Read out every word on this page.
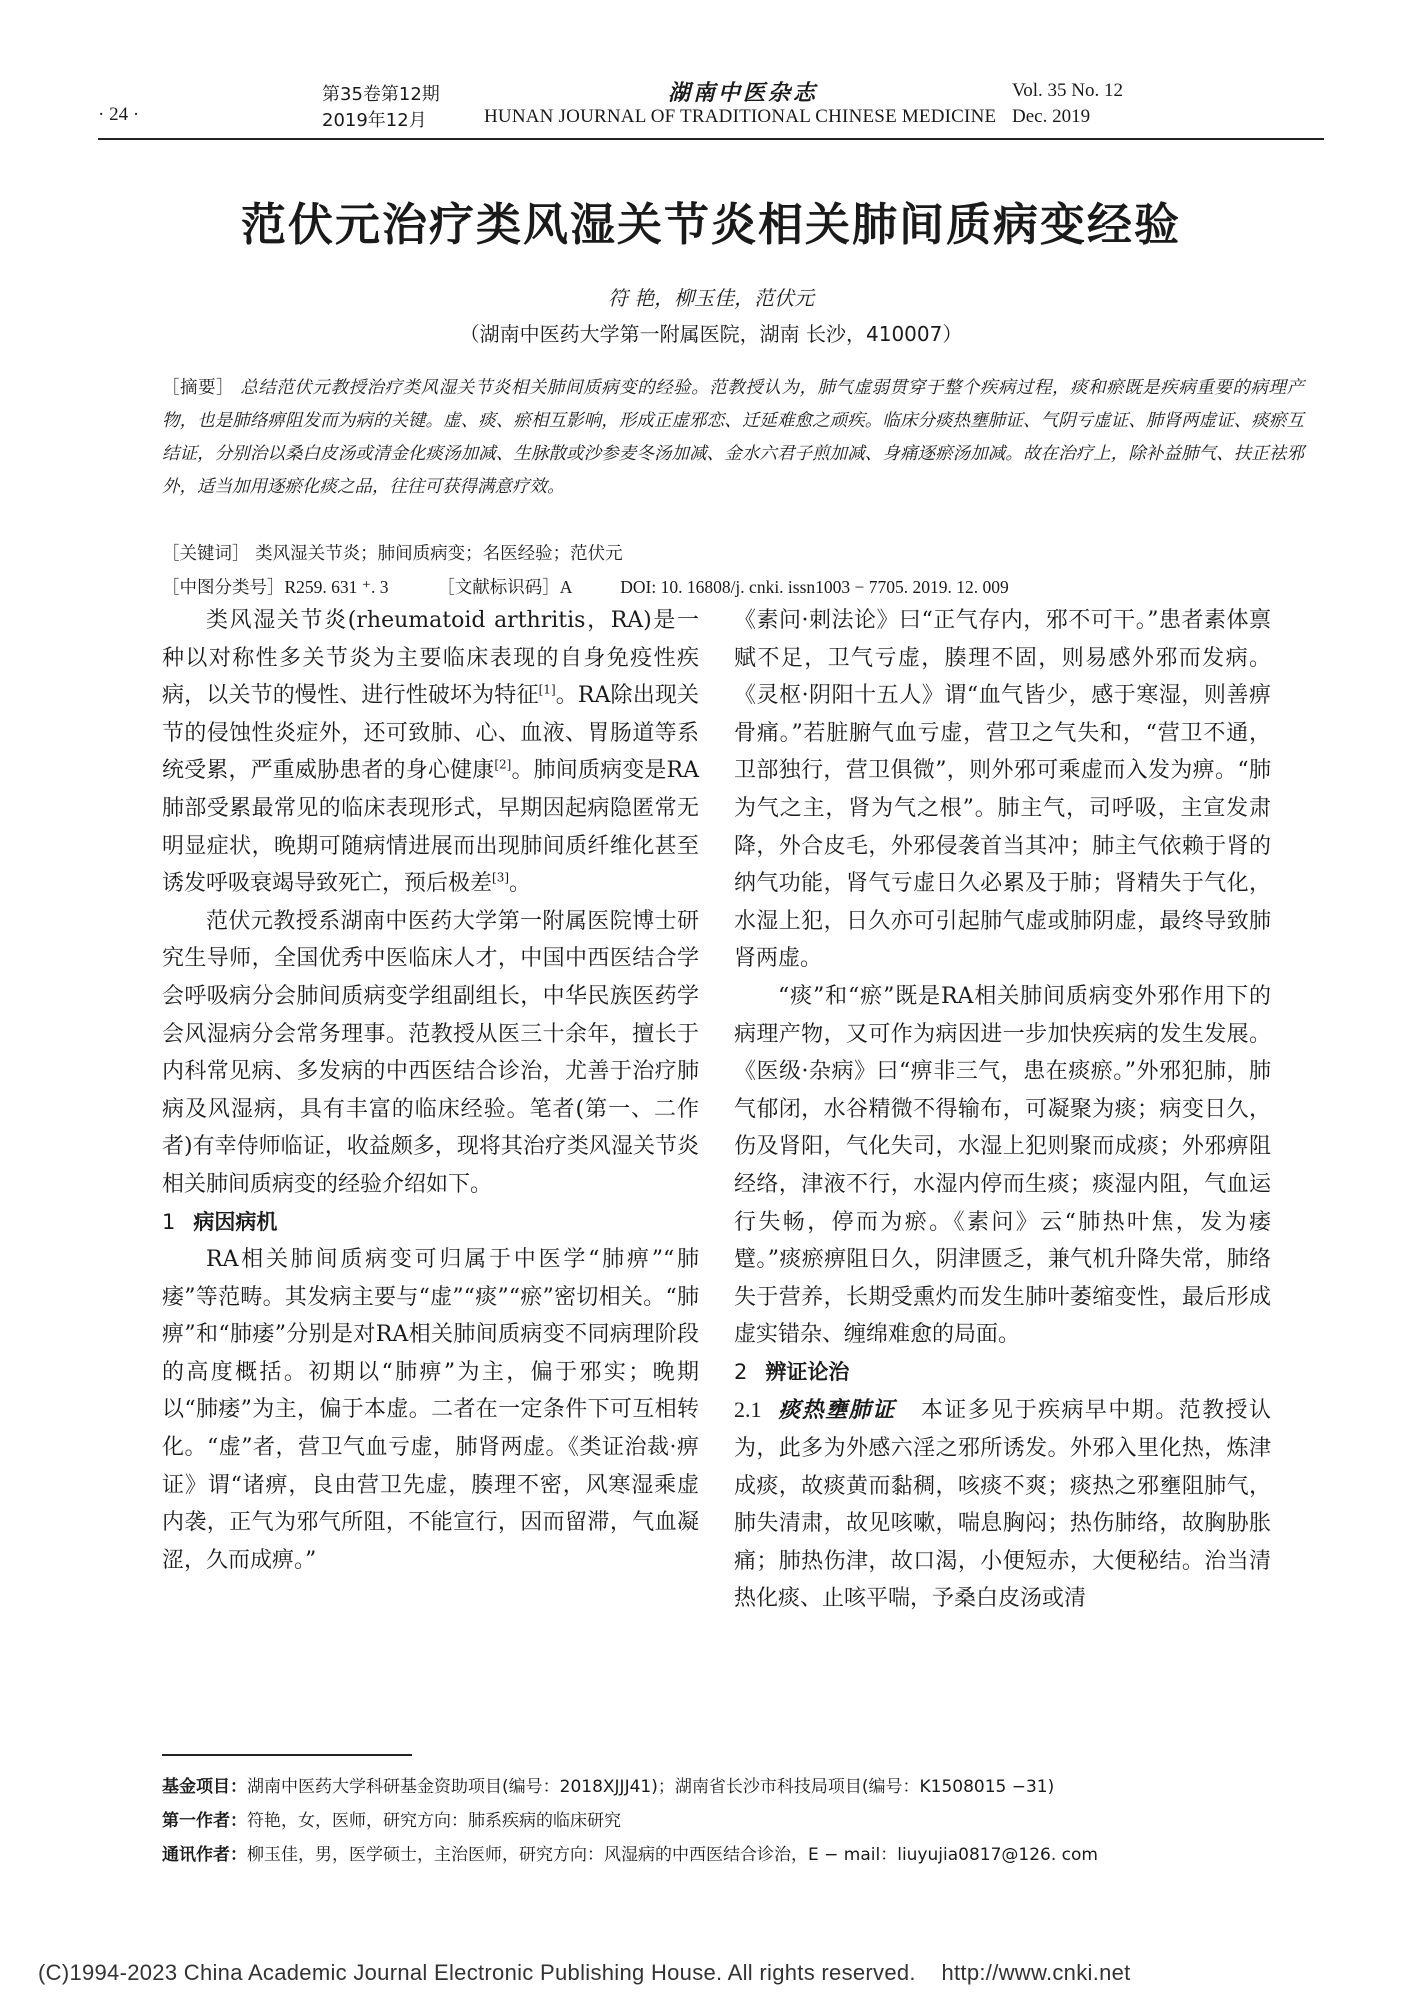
· 24 ·
第35卷第12期
2019年12月
湖南中医杂志
HUNAN JOURNAL OF TRADITIONAL CHINESE MEDICINE
Vol. 35 No. 12
Dec. 2019
范伏元治疗类风湿关节炎相关肺间质病变经验
符 艳，柳玉佳，范伏元
（湖南中医药大学第一附属医院，湖南 长沙，410007）
［摘要］ 总结范伏元教授治疗类风湿关节炎相关肺间质病变的经验。范教授认为，肺气虚弱贯穿于整个疾病过程，痰和瘀既是疾病重要的病理产物，也是肺络痹阻发而为病的关键。虚、痰、瘀相互影响，形成正虚邪恋、迁延难愈之顽疾。临床分痰热壅肺证、气阴亏虚证、肺肾两虚证、痰瘀互结证，分别治以桑白皮汤或清金化痰汤加减、生脉散或沙参麦冬汤加减、金水六君子煎加减、身痛逐瘀汤加减。故在治疗上，除补益肺气、扶正祛邪外，适当加用逐瘀化痰之品，往往可获得满意疗效。
［关键词］ 类风湿关节炎；肺间质病变；名医经验；范伏元
［中图分类号］R259. 631 ⁺. 3	［文献标识码］A	DOI: 10. 16808/j. cnki. issn1003 − 7705. 2019. 12. 009

类风湿关节炎(rheumatoid arthritis，RA)是一种以对称性多关节炎为主要临床表现的自身免疫性疾病，以关节的慢性、进行性破坏为特征[1]。RA除出现关节的侵蚀性炎症外，还可致肺、心、血液、胃肠道等系统受累，严重威胁患者的身心健康[2]。肺间质病变是RA肺部受累最常见的临床表现形式，早期因起病隐匿常无明显症状，晚期可随病情进展而出现肺间质纤维化甚至诱发呼吸衰竭导致死亡，预后极差[3]。

范伏元教授系湖南中医药大学第一附属医院博士研究生导师，全国优秀中医临床人才，中国中西医结合学会呼吸病分会肺间质病变学组副组长，中华民族医药学会风湿病分会常务理事。范教授从医三十余年，擅长于内科常见病、多发病的中西医结合诊治，尤善于治疗肺病及风湿病，具有丰富的临床经验。笔者(第一、二作者)有幸侍师临证，收益颇多，现将其治疗类风湿关节炎相关肺间质病变的经验介绍如下。

1 病因病机

RA相关肺间质病变可归属于中医学“肺痹”“肺痿”等范畴。其发病主要与“虚”“痰”“瘀”密切相关。“肺痹”和“肺痿”分别是对RA相关肺间质病变不同病理阶段的高度概括。初期以“肺痹”为主，偏于邪实；晚期以“肺痿”为主，偏于本虚。二者在一定条件下可互相转化。“虚”者，营卫气血亏虚，肺肾两虚。《类证治裁·痹证》谓“诸痹，良由营卫先虚，腠理不密，风寒湿乘虚内袭，正气为邪气所阻，不能宣行，因而留滞，气血凝涩，久而成痹。”

《素问·刺法论》曰“正气存内，邪不可干。”患者素体禀赋不足，卫气亏虚，腠理不固，则易感外邪而发病。《灵枢·阴阳十五人》谓“血气皆少，感于寒湿，则善痹骨痛。”若脏腑气血亏虚，营卫之气失和，“营卫不通，卫部独行，营卫俱微”，则外邪可乘虚而入发为痹。“肺为气之主，肾为气之根”。肺主气，司呼吸，主宣发肃降，外合皮毛，外邪侵袭首当其冲；肺主气依赖于肾的纳气功能，肾气亏虚日久必累及于肺；肾精失于气化，水湿上犯，日久亦可引起肺气虚或肺阴虚，最终导致肺肾两虚。

“痰”和“瘀”既是RA相关肺间质病变外邪作用下的病理产物，又可作为病因进一步加快疾病的发生发展。《医级·杂病》曰“痹非三气，患在痰瘀。”外邪犯肺，肺气郁闭，水谷精微不得输布，可凝聚为痰；病变日久，伤及肾阳，气化失司，水湿上犯则聚而成痰；外邪痹阻经络，津液不行，水湿内停而生痰；痰湿内阻，气血运行失畅，停而为瘀。《素问》云“肺热叶焦，发为痿躄。”痰瘀痹阻日久，阴津匮乏，兼气机升降失常，肺络失于营养，长期受熏灼而发生肺叶萎缩变性，最后形成虚实错杂、缠绵难愈的局面。

2 辨证论治

2.1 痰热壅肺证 本证多见于疾病早中期。范教授认为，此多为外感六淫之邪所诱发。外邪入里化热，炼津成痰，故痰黄而黏稠，咳痰不爽；痰热之邪壅阻肺气，肺失清肃，故见咳嗽，喘息胸闷；热伤肺络，故胸胁胀痛；肺热伤津，故口渴，小便短赤，大便秘结。治当清热化痰、止咳平喘，予桑白皮汤或清

基金项目：湖南中医药大学科研基金资助项目(编号：2018XJJJ41)；湖南省长沙市科技局项目(编号：K1508015 −31)
第一作者：符艳，女，医师，研究方向：肺系疾病的临床研究
通讯作者：柳玉佳，男，医学硕士，主治医师，研究方向：风湿病的中西医结合诊治，E − mail：liuyujia0817@126. com
(C)1994-2023 China Academic Journal Electronic Publishing House. All rights reserved.    http://www.cnki.net
